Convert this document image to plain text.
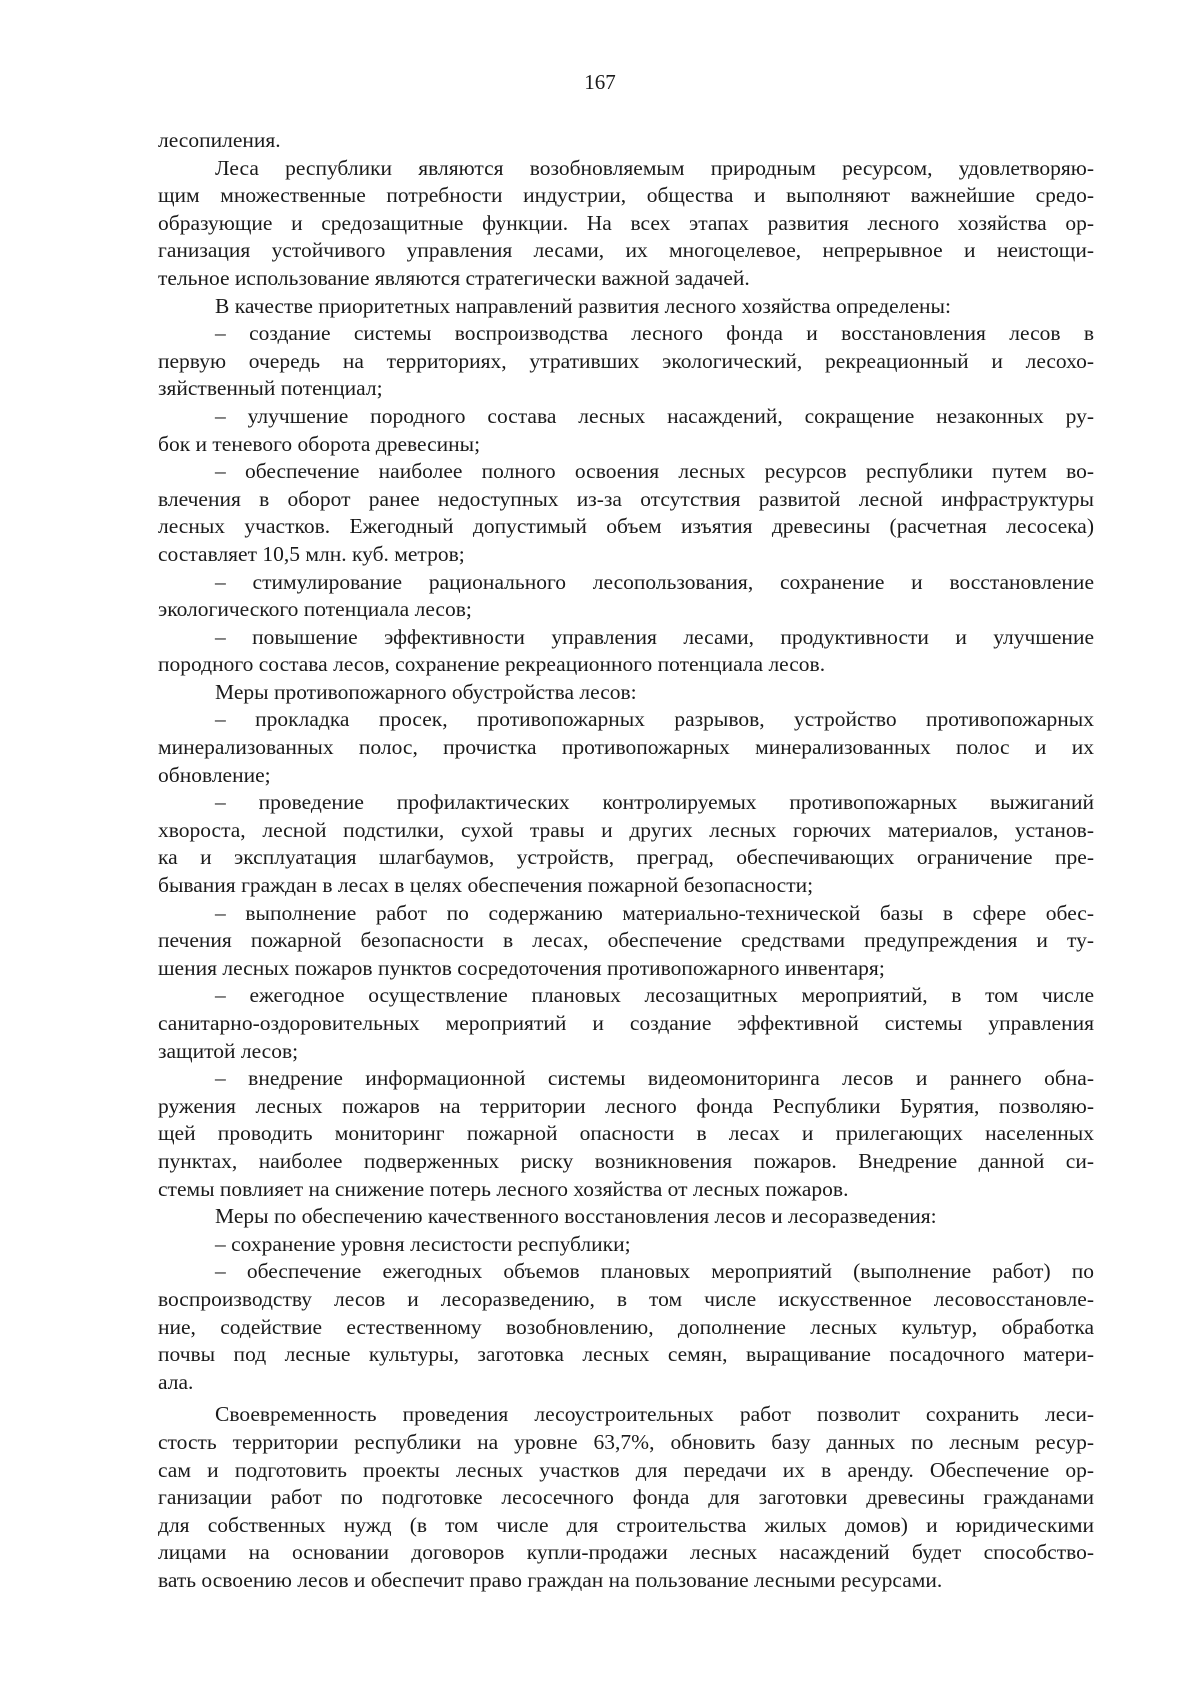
167
лесопиления.
Леса республики являются возобновляемым природным ресурсом, удовлетворяю-
щим множественные потребности индустрии, общества и выполняют важнейшие средо-
образующие и средозащитные функции. На всех этапах развития лесного хозяйства ор-
ганизация устойчивого управления лесами, их многоцелевое, непрерывное и неистощи-
тельное использование являются стратегически важной задачей.
В качестве приоритетных направлений развития лесного хозяйства определены:
– создание системы воспроизводства лесного фонда и восстановления лесов в
первую очередь на территориях, утративших экологический, рекреационный и лесохо-
зяйственный потенциал;
– улучшение породного состава лесных насаждений, сокращение незаконных ру-
бок и теневого оборота древесины;
– обеспечение наиболее полного освоения лесных ресурсов республики путем во-
влечения в оборот ранее недоступных из-за отсутствия развитой лесной инфраструктуры
лесных участков. Ежегодный допустимый объем изъятия древесины (расчетная лесосека)
составляет 10,5 млн. куб. метров;
– стимулирование рационального лесопользования, сохранение и восстановление
экологического потенциала лесов;
– повышение эффективности управления лесами, продуктивности и улучшение
породного состава лесов, сохранение рекреационного потенциала лесов.
Меры противопожарного обустройства лесов:
– прокладка просек, противопожарных разрывов, устройство противопожарных
минерализованных полос, прочистка противопожарных минерализованных полос и их
обновление;
– проведение профилактических контролируемых противопожарных выжиганий
хвороста, лесной подстилки, сухой травы и других лесных горючих материалов, установ-
ка и эксплуатация шлагбаумов, устройств, преград, обеспечивающих ограничение пре-
бывания граждан в лесах в целях обеспечения пожарной безопасности;
– выполнение работ по содержанию материально-технической базы в сфере обес-
печения пожарной безопасности в лесах, обеспечение средствами предупреждения и ту-
шения лесных пожаров пунктов сосредоточения противопожарного инвентаря;
– ежегодное осуществление плановых лесозащитных мероприятий, в том числе
санитарно-оздоровительных мероприятий и создание эффективной системы управления
защитой лесов;
– внедрение информационной системы видеомониторинга лесов и раннего обна-
ружения лесных пожаров на территории лесного фонда Республики Бурятия, позволяю-
щей проводить мониторинг пожарной опасности в лесах и прилегающих населенных
пунктах, наиболее подверженных риску возникновения пожаров. Внедрение данной си-
стемы повлияет на снижение потерь лесного хозяйства от лесных пожаров.
Меры по обеспечению качественного восстановления лесов и лесоразведения:
– сохранение уровня лесистости республики;
– обеспечение ежегодных объемов плановых мероприятий (выполнение работ) по
воспроизводству лесов и лесоразведению, в том числе искусственное лесовосстановле-
ние, содействие естественному возобновлению, дополнение лесных культур, обработка
почвы под лесные культуры, заготовка лесных семян, выращивание посадочного матери-
ала.
Своевременность проведения лесоустроительных работ позволит сохранить леси-
стость территории республики на уровне 63,7%, обновить базу данных по лесным ресур-
сам и подготовить проекты лесных участков для передачи их в аренду. Обеспечение ор-
ганизации работ по подготовке лесосечного фонда для заготовки древесины гражданами
для собственных нужд (в том числе для строительства жилых домов) и юридическими
лицами на основании договоров купли-продажи лесных насаждений будет способство-
вать освоению лесов и обеспечит право граждан на пользование лесными ресурсами.
